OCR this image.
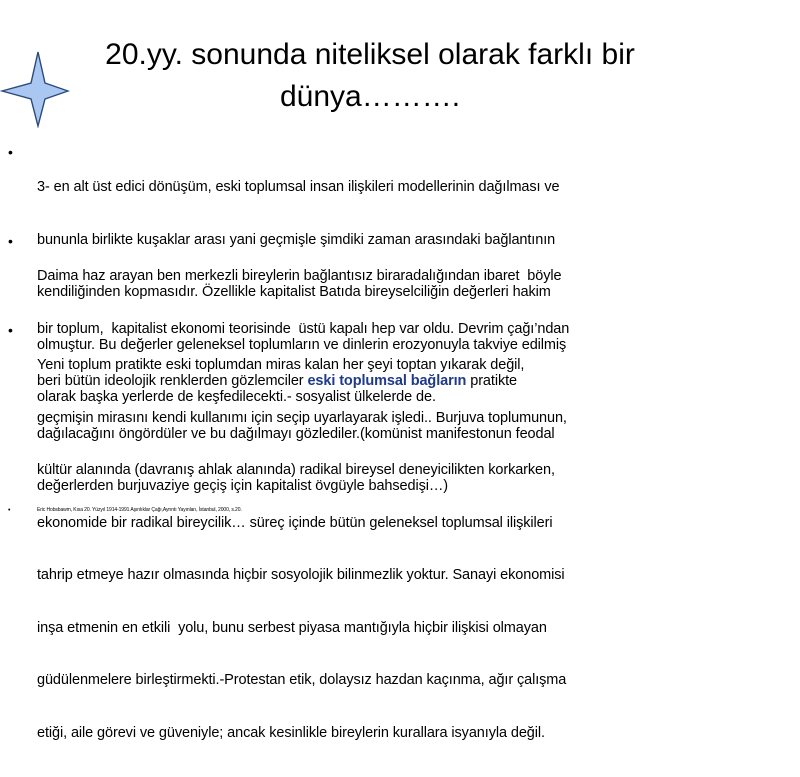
20.yy. sonunda niteliksel olarak farklı bir
dünya……….
•

3- en alt üst edici dönüşüm, eski toplumsal insan ilişkileri modellerinin dağılması ve

bununla birlikte kuşaklar arası yani geçmişle şimdiki zaman arasındaki bağlantının

kendiliğinden kopmasıdır. Özellikle kapitalist Batıda bireyselciliğin değerleri hakim

olmuştur. Bu değerler geleneksel toplumların ve dinlerin erozyonuyla takviye edilmiş

olarak başka yerlerde de keşfedilecekti.- sosyalist ülkelerde de.

•

Daima haz arayan ben merkezli bireylerin bağlantısız biraradalığından ibaret  böyle

bir toplum,  kapitalist ekonomi teorisinde  üstü kapalı hep var oldu. Devrim çağı’ndan

beri bütün ideolojik renklerden gözlemciler eski toplumsal bağların pratikte

dağılacağını öngördüler ve bu dağılmayı gözlediler.(komünist manifestonun feodal

değerlerden burjuvaziye geçiş için kapitalist övgüyle bahsedişi…)

•

Yeni toplum pratikte eski toplumdan miras kalan her şeyi toptan yıkarak değil,

geçmişin mirasını kendi kullanımı için seçip uyarlayarak işledi.. Burjuva toplumunun,

kültür alanında (davranış ahlak alanında) radikal bireysel deneyicilikten korkarken,

ekonomide bir radikal bireycilik… süreç içinde bütün geleneksel toplumsal ilişkileri

tahrip etmeye hazır olmasında hiçbir sosyolojik bilinmezlik yoktur. Sanayi ekonomisi

inşa etmenin en etkili  yolu, bunu serbest piyasa mantığıyla hiçbir ilişkisi olmayan

güdülenmelere birleştirmekti.-Protestan etik, dolaysız hazdan kaçınma, ağır çalışma

etiği, aile görevi ve güveniyle; ancak kesinlikle bireylerin kurallara isyanıyla değil.

•	Eric Hobsbawm, Kısa 20. Yüzyıl 1914-1991 Aşırılıklar Çağı,Ayrıntı Yayınları, İstanbul, 2000, s.20.
